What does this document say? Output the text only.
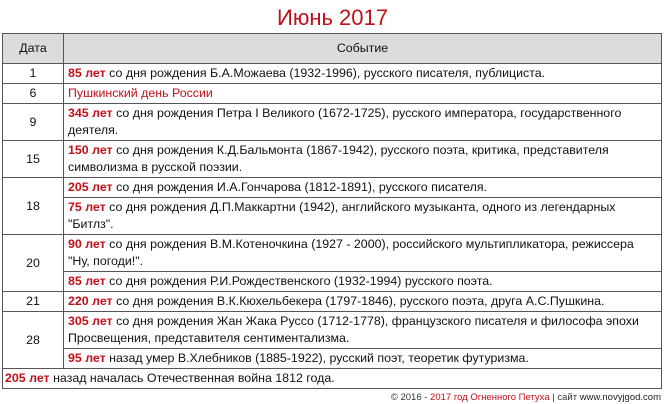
Июнь 2017
Дата	Событие
1	85 лет со дня рождения Б.А.Можаева (1932-1996), русского писателя, публициста.

6	Пушкинский день России

9	345 лет со дня рождения Петра I Великого (1672-1725), русского императора, государственного деятеля.

15	150 лет со дня рождения К.Д.Бальмонта (1867-1942), русского поэта, критика, представителя символизма в русской поэзии.

18	205 лет со дня рождения И.А.Гончарова (1812-1891), русского писателя.
75 лет со дня рождения Д.П.Маккартни (1942), английского музыканта, одного из легендарных "Битлз".

20	90 лет со дня рождения В.М.Котеночкина (1927 - 2000), российского мультипликатора, режиссера "Ну, погоди!".
85 лет со дня рождения Р.И.Рождественского (1932-1994) русского поэта.

21	220 лет со дня рождения В.К.Кюхельбекера (1797-1846), русского поэта, друга А.С.Пушкина.

28	305 лет со дня рождения Жан Жака Руссо (1712-1778), французского писателя и философа эпохи Просвещения, представителя сентиментализма.
95 лет назад умер В.Хлебников (1885-1922), русский поэт, теоретик футуризма.

205 лет назад началась Отечественная война 1812 года.	
© 2016 - 2017 год Огненного Петуха | сайт www.novyjgod.com
